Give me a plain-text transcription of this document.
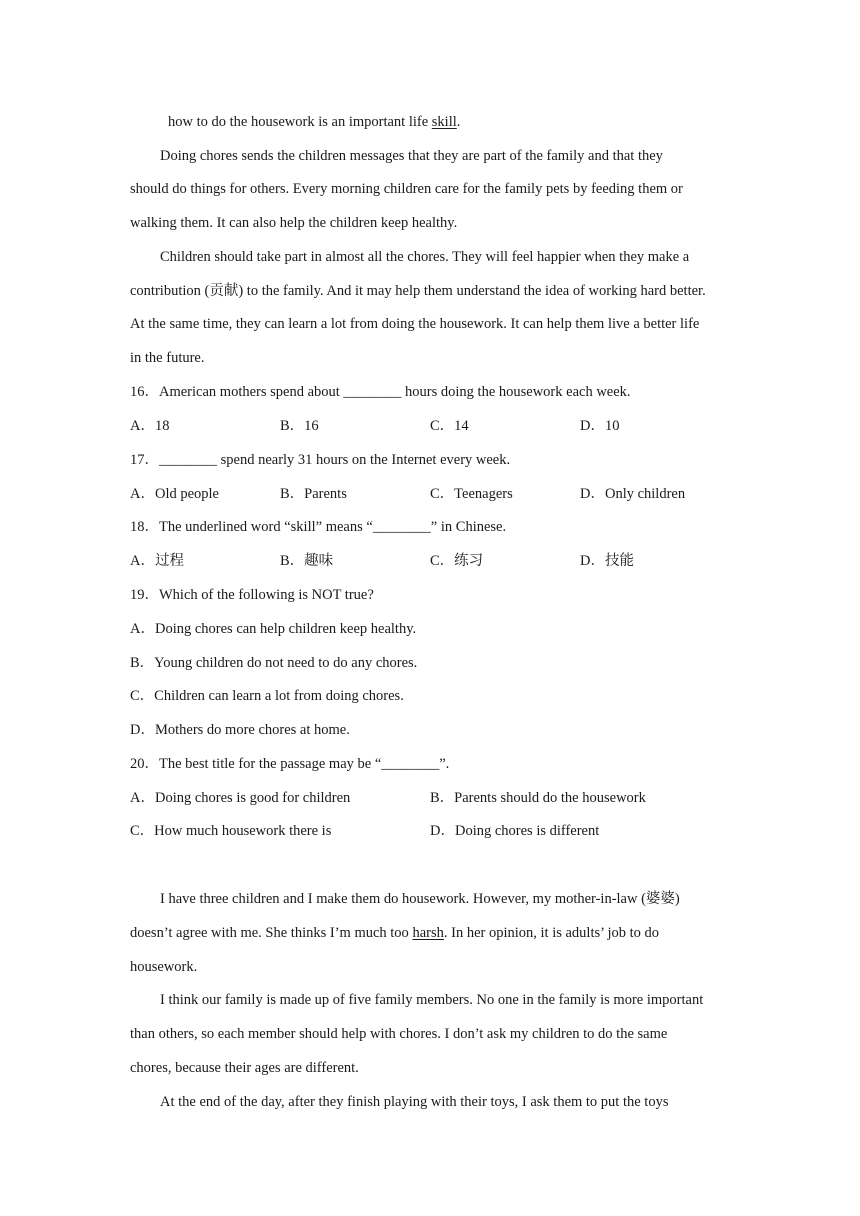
how to do the housework is an important life skill.
Doing chores sends the children messages that they are part of the family and that they
should do things for others. Every morning children care for the family pets by feeding them or
walking them. It can also help the children keep healthy.
Children should take part in almost all the chores. They will feel happier when they make a
contribution (贡献) to the family. And it may help them understand the idea of working hard better.
At the same time, they can learn a lot from doing the housework. It can help them live a better life
in the future.
16．American mothers spend about ________ hours doing the housework each week.
A．18	B．16	C．14	D．10
17．________ spend nearly 31 hours on the Internet every week.
A．Old people	B．Parents	C．Teenagers	D．Only children
18．The underlined word “skill” means “________” in Chinese.
A．过程	B．趣味	C．练习	D．技能
19．Which of the following is NOT true?
A．Doing chores can help children keep healthy.
B．Young children do not need to do any chores.
C．Children can learn a lot from doing chores.
D．Mothers do more chores at home.
20．The best title for the passage may be “________”.
A．Doing chores is good for children	B．Parents should do the housework
C．How much housework there is	D．Doing chores is different
I have three children and I make them do housework. However, my mother-in-law (婆婆)
doesn’t agree with me. She thinks I’m much too harsh. In her opinion, it is adults’ job to do
housework.
I think our family is made up of five family members. No one in the family is more important
than others, so each member should help with chores. I don’t ask my children to do the same
chores, because their ages are different.
At the end of the day, after they finish playing with their toys, I ask them to put the toys
